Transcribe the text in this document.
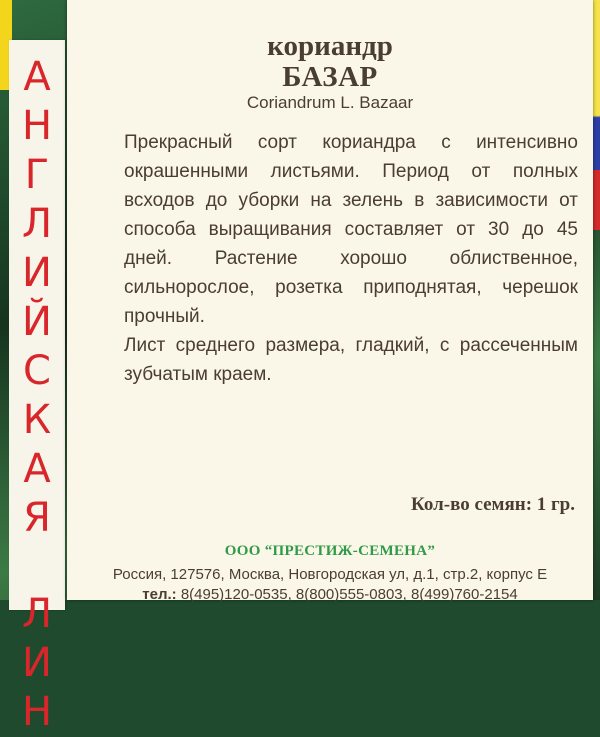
А
Н
Г
Л
И
Й
С
К
А
Я
Л
И
Н
кориандр
БАЗАР
Coriandrum L. Bazaar

Прекрасный сорт кориандра с интенсивно окрашенными листьями. Период от полных всходов до уборки на зелень в зависимости от способа выращивания составляет от 30 до 45 дней. Растение хорошо облиственное, сильнорослое, розетка приподнятая, черешок прочный.

Лист среднего размера, гладкий, с рассеченным зубчатым краем.

Кол-во семян: 1 гр.
ООО “ПРЕСТИЖ-СЕМЕНА”
Россия, 127576, Москва, Новгородская ул, д.1, стр.2, корпус Е
тел.: 8(495)120-0535, 8(800)555-0803, 8(499)760-2154
